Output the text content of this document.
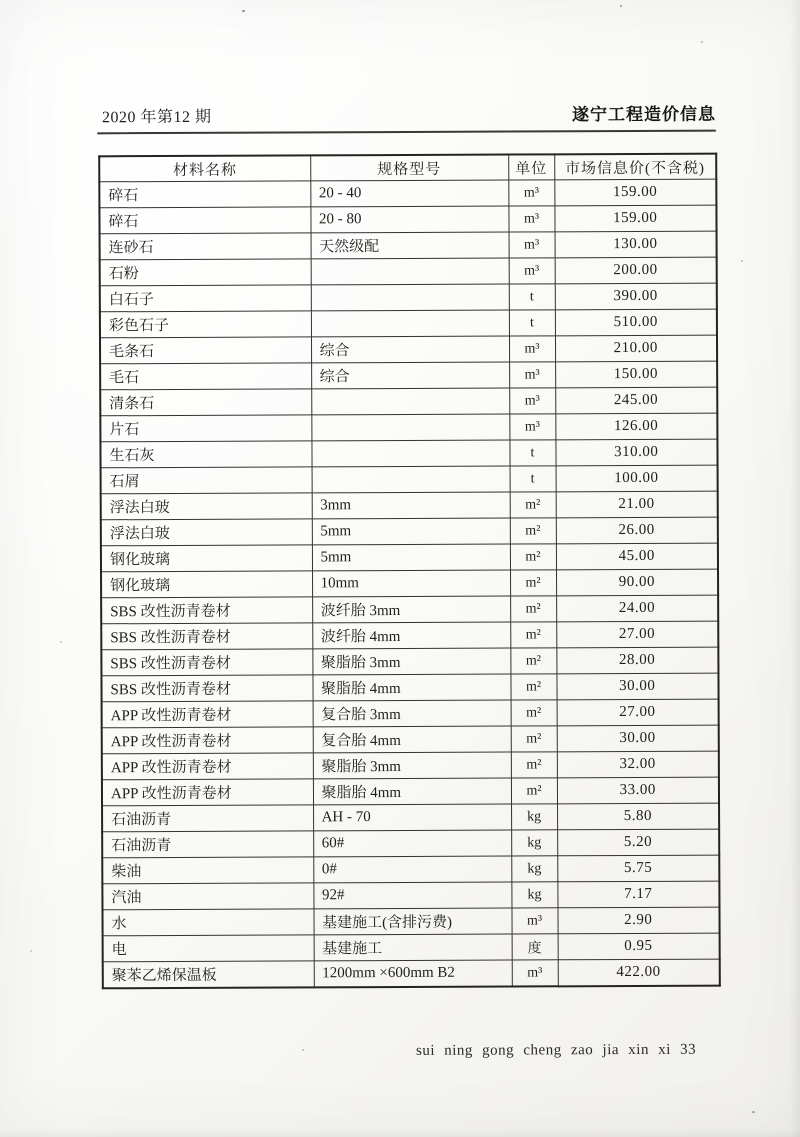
2020 年第12 期	遂宁工程造价信息
材料名称	规格型号	单位	市场信息价(不含税)
碎石	20 - 40	m³	159.00
碎石	20 - 80	m³	159.00
连砂石	天然级配	m³	130.00
石粉		m³	200.00
白石子		t	390.00
彩色石子		t	510.00
毛条石	综合	m³	210.00
毛石	综合	m³	150.00
清条石		m³	245.00
片石		m³	126.00
生石灰		t	310.00
石屑		t	100.00
浮法白玻	3mm	m²	21.00
浮法白玻	5mm	m²	26.00
钢化玻璃	5mm	m²	45.00
钢化玻璃	10mm	m²	90.00
SBS 改性沥青卷材	波纤胎 3mm	m²	24.00
SBS 改性沥青卷材	波纤胎 4mm	m²	27.00
SBS 改性沥青卷材	聚脂胎 3mm	m²	28.00
SBS 改性沥青卷材	聚脂胎 4mm	m²	30.00
APP 改性沥青卷材	复合胎 3mm	m²	27.00
APP 改性沥青卷材	复合胎 4mm	m²	30.00
APP 改性沥青卷材	聚脂胎 3mm	m²	32.00
APP 改性沥青卷材	聚脂胎 4mm	m²	33.00
石油沥青	AH - 70	kg	5.80
石油沥青	60#	kg	5.20
柴油	0#	kg	5.75
汽油	92#	kg	7.17
水	基建施工(含排污费)	m³	2.90
电	基建施工	度	0.95
聚苯乙烯保温板	1200mm ×600mm B2	m³	422.00
sui ning gong cheng zao jia xin xi 33
